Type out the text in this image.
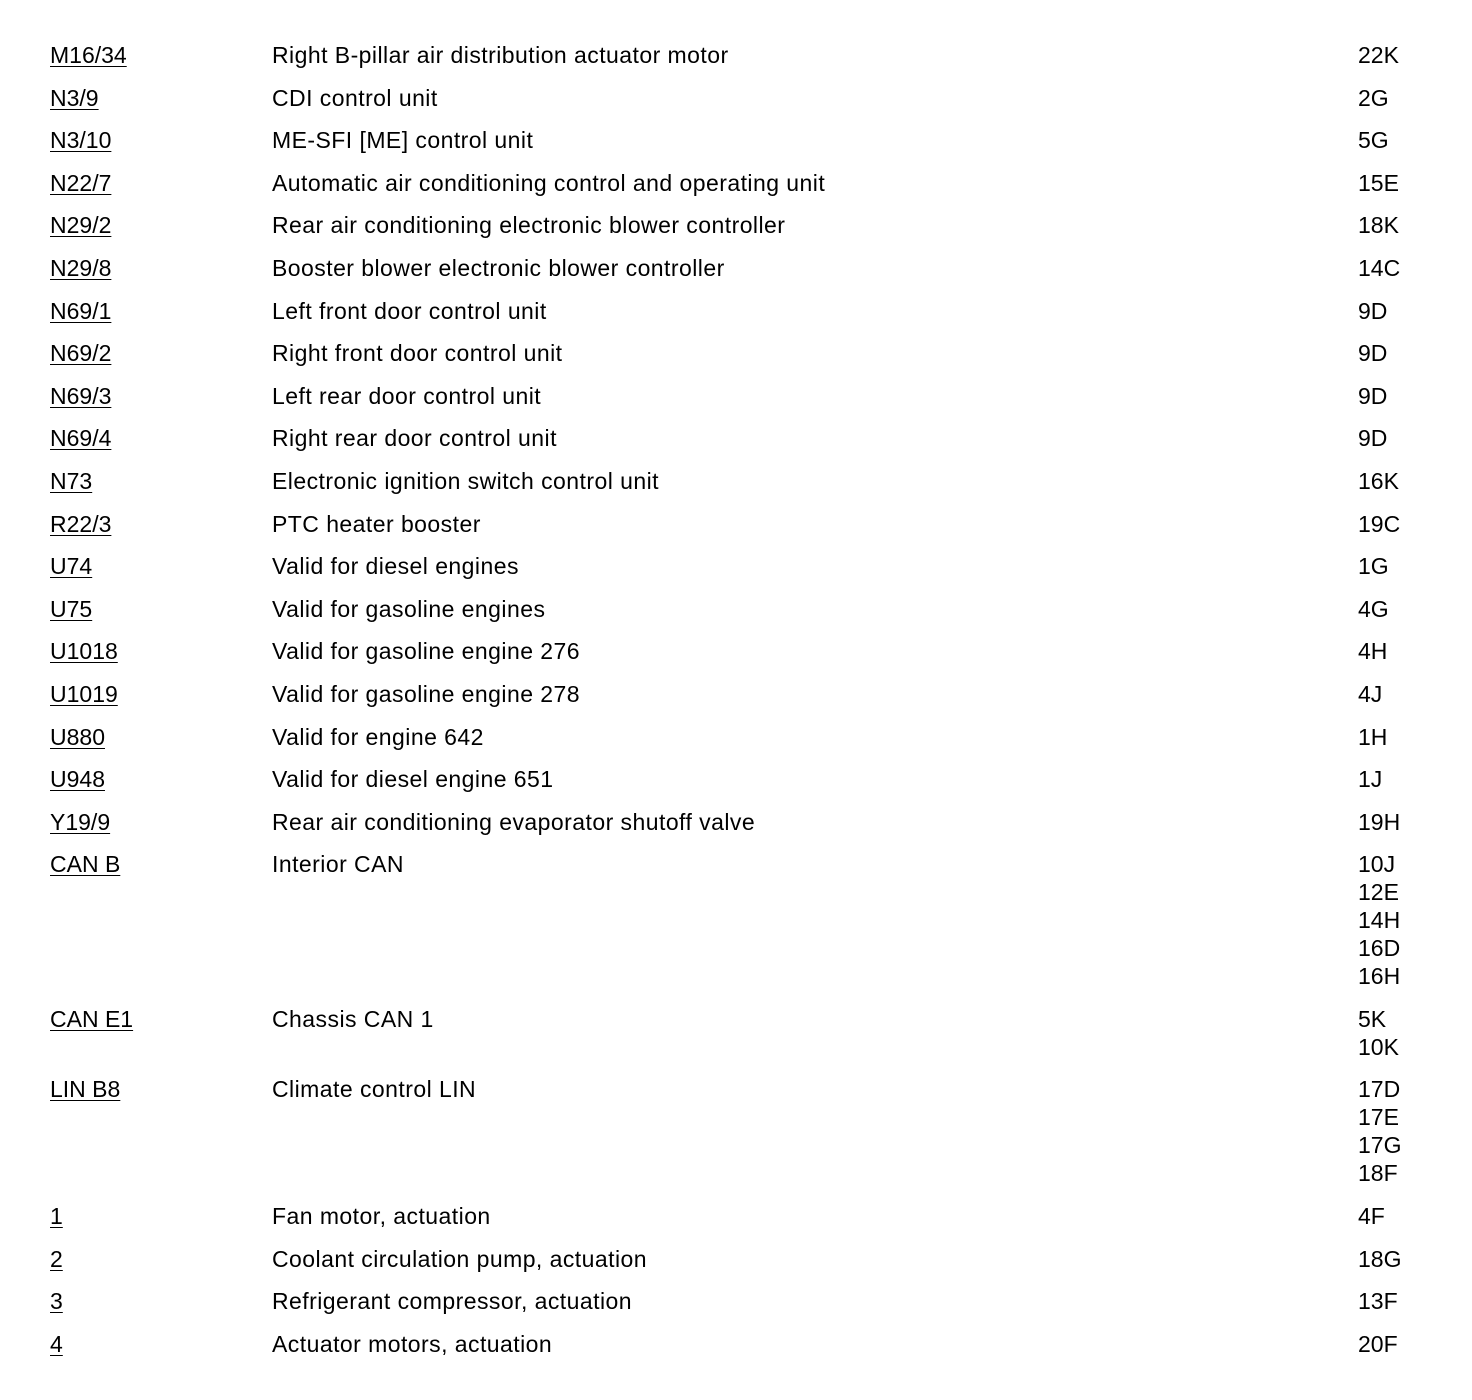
M16/34	Right B-pillar air distribution actuator motor	22K
N3/9	CDI control unit	2G
N3/10	ME-SFI [ME] control unit	5G
N22/7	Automatic air conditioning control and operating unit	15E
N29/2	Rear air conditioning electronic blower controller	18K
N29/8	Booster blower electronic blower controller	14C
N69/1	Left front door control unit	9D
N69/2	Right front door control unit	9D
N69/3	Left rear door control unit	9D
N69/4	Right rear door control unit	9D
N73	Electronic ignition switch control unit	16K
R22/3	PTC heater booster	19C
U74	Valid for diesel engines	1G
U75	Valid for gasoline engines	4G
U1018	Valid for gasoline engine 276	4H
U1019	Valid for gasoline engine 278	4J
U880	Valid for engine 642	1H
U948	Valid for diesel engine 651	1J
Y19/9	Rear air conditioning evaporator shutoff valve	19H
CAN B	Interior CAN	10J
12E
14H
16D
16H
CAN E1	Chassis CAN 1	5K
10K
LIN B8	Climate control LIN	17D
17E
17G
18F
1	Fan motor, actuation	4F
2	Coolant circulation pump, actuation	18G
3	Refrigerant compressor, actuation	13F
4	Actuator motors, actuation	20F
